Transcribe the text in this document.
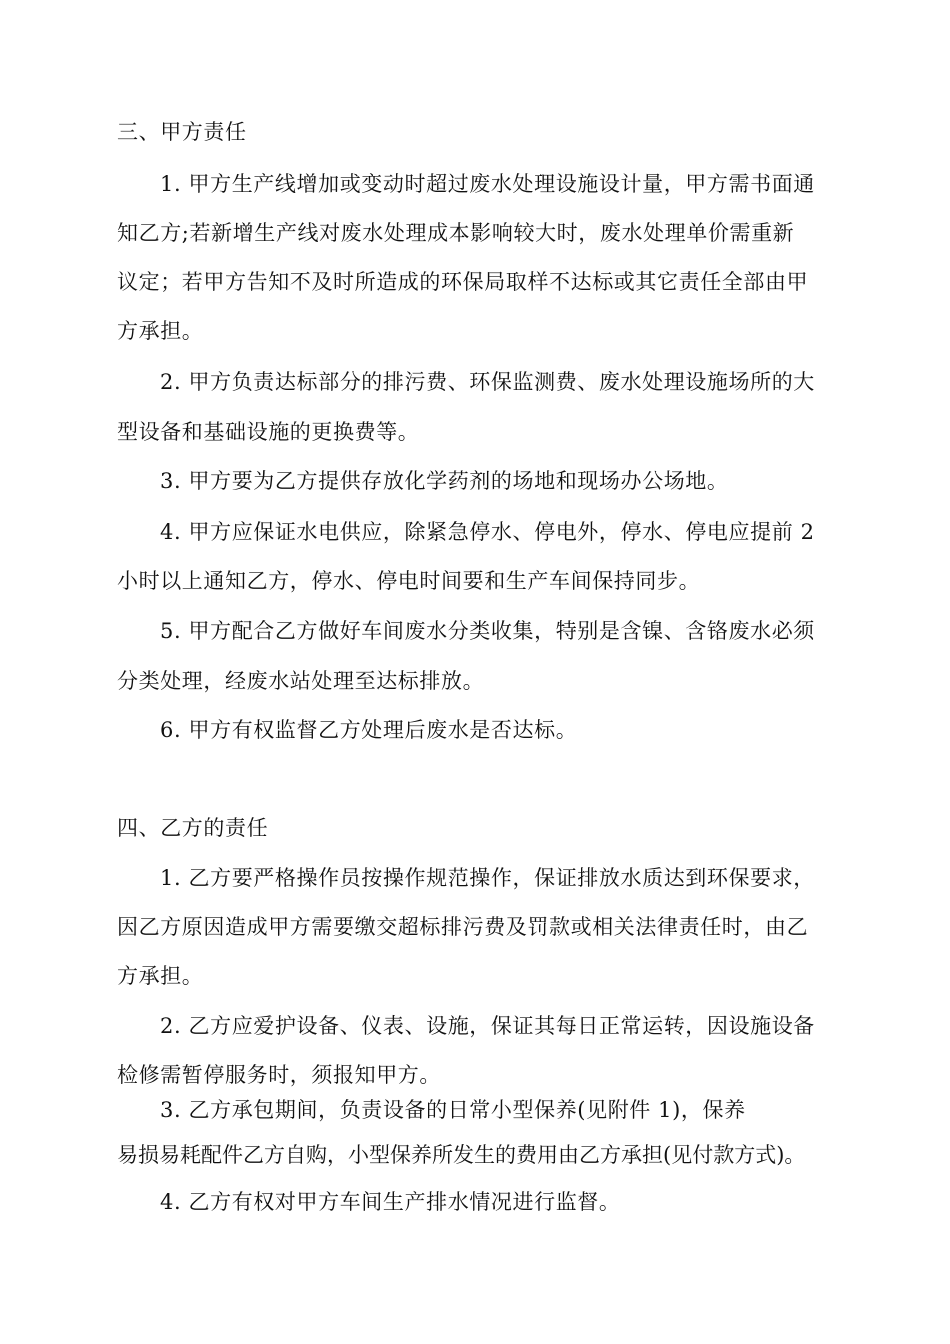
三、甲方责任

1. 甲方生产线增加或变动时超过废水处理设施设计量，甲方需书面通

知乙方;若新增生产线对废水处理成本影响较大时，废水处理单价需重新

议定；若甲方告知不及时所造成的环保局取样不达标或其它责任全部由甲

方承担。

2. 甲方负责达标部分的排污费、环保监测费、废水处理设施场所的大

型设备和基础设施的更换费等。

3. 甲方要为乙方提供存放化学药剂的场地和现场办公场地。

4. 甲方应保证水电供应，除紧急停水、停电外，停水、停电应提前 2

小时以上通知乙方，停水、停电时间要和生产车间保持同步。

5. 甲方配合乙方做好车间废水分类收集，特别是含镍、含铬废水必须

分类处理，经废水站处理至达标排放。

6. 甲方有权监督乙方处理后废水是否达标。

四、乙方的责任

1. 乙方要严格操作员按操作规范操作，保证排放水质达到环保要求，

因乙方原因造成甲方需要缴交超标排污费及罚款或相关法律责任时，由乙

方承担。

2. 乙方应爱护设备、仪表、设施，保证其每日正常运转，因设施设备

检修需暂停服务时，须报知甲方。

3. 乙方承包期间，负责设备的日常小型保养(见附件 1)，保养

易损易耗配件乙方自购，小型保养所发生的费用由乙方承担(见付款方式)。

4. 乙方有权对甲方车间生产排水情况进行监督。
